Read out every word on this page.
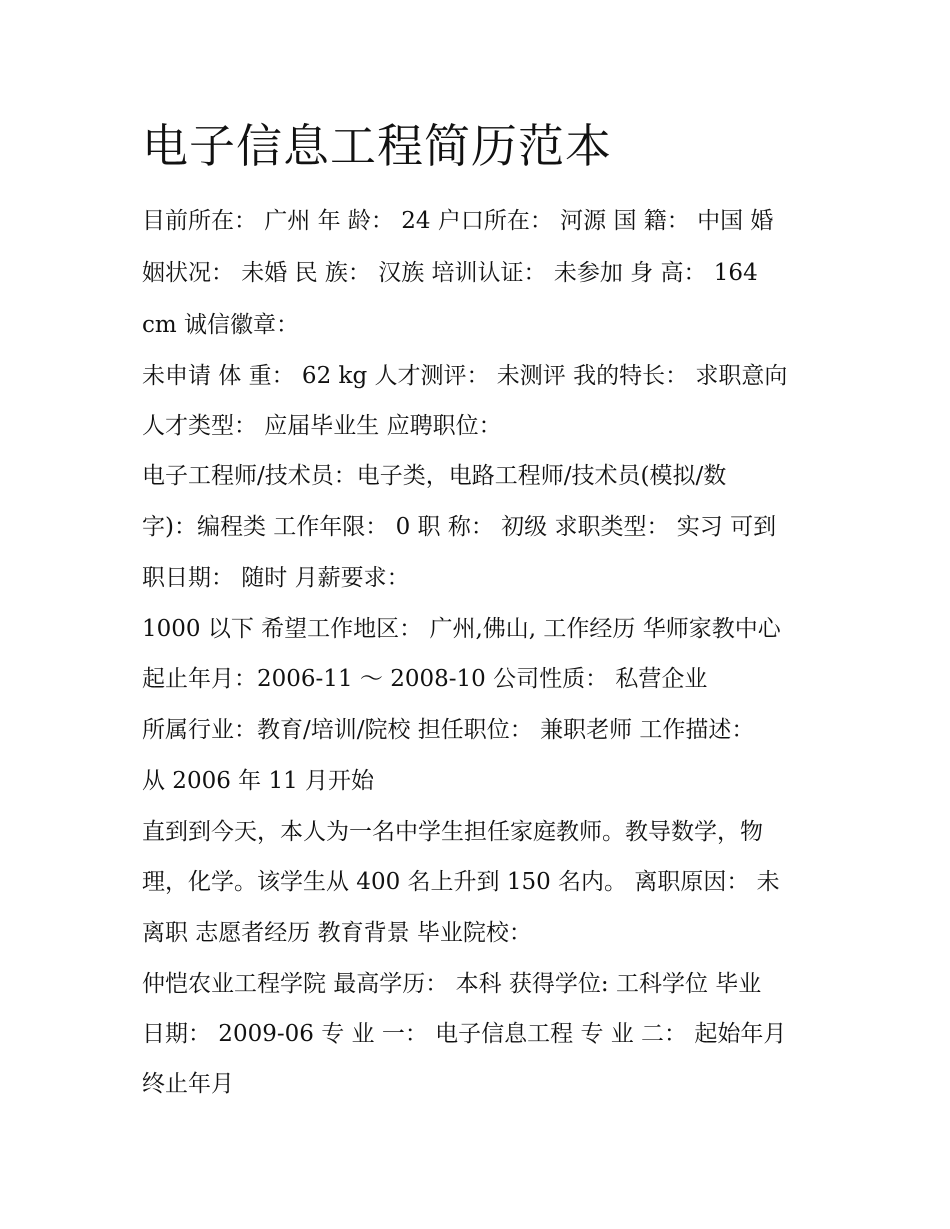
电子信息工程简历范本

目前所在： 广州 年 龄： 24 户口所在： 河源 国 籍： 中国 婚

姻状况： 未婚 民 族： 汉族 培训认证： 未参加 身 高： 164

cm 诚信徽章：

未申请 体 重： 62 kg 人才测评： 未测评 我的特长： 求职意向

人才类型： 应届毕业生 应聘职位：

电子工程师/技术员：电子类，电路工程师/技术员(模拟/数

字)：编程类 工作年限： 0 职 称： 初级 求职类型： 实习 可到

职日期： 随时 月薪要求：

1000 以下 希望工作地区： 广州,佛山, 工作经历 华师家教中心

起止年月：2006-11 ～ 2008-10 公司性质： 私营企业

所属行业：教育/培训/院校 担任职位： 兼职老师 工作描述：

从 2006 年 11 月开始

直到到今天，本人为一名中学生担任家庭教师。教导数学，物

理，化学。该学生从 400 名上升到 150 名内。 离职原因： 未

离职 志愿者经历 教育背景 毕业院校：

仲恺农业工程学院 最高学历： 本科 获得学位: 工科学位 毕业

日期： 2009-06 专 业 一： 电子信息工程 专 业 二： 起始年月

终止年月
